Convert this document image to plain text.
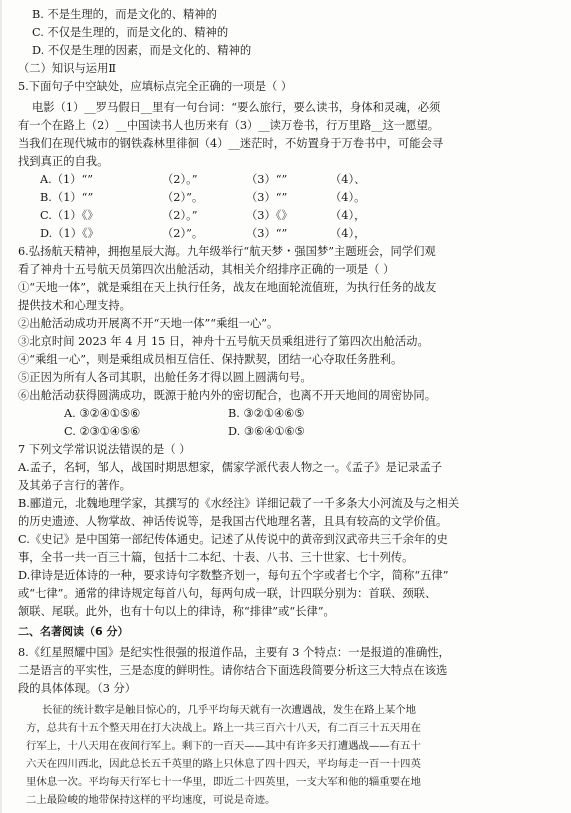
B. 不是生理的，而是文化的、精神的
C. 不仅是生理的，而是文化的、精神的
D. 不仅是生理的因素，而是文化的、精神的
（二）知识与运用Ⅱ
5.下面句子中空缺处，应填标点完全正确的一项是（ ）
电影（1）__罗马假日__里有一句台词：“要么旅行，要么读书，身体和灵魂，必须
有一个在路上（2）__中国读书人也历来有（3）__读万卷书，行万里路__这一愿望。
当我们在现代城市的钢铁森林里徘徊（4）__迷茫时，不妨置身于万卷书中，可能会寻
找到真正的自我。
A.（1）“”	（2）。”	（3）“”	（4）、
B.（1）“”	（2）”。	（3）“”	（4）。
C.（1）《》	（2）。”	（3）《》	（4），
D.（1）《》	（2）”。	（3）“”	（4），
6.弘扬航天精神，拥抱星辰大海。九年级举行“航天梦・强国梦”主题班会，同学们观
看了神舟十五号航天员第四次出舱活动，其相关介绍排序正确的一项是（ ）
①“天地一体”，就是乘组在天上执行任务，战友在地面轮流值班，为执行任务的战友
提供技术和心理支持。
②出舱活动成功开展离不开“天地一体”“乘组一心”。
③北京时间 2023 年 4 月 15 日，神舟十五号航天员乘组进行了第四次出舱活动。
④“乘组一心”，则是乘组成员相互信任、保持默契，团结一心夺取任务胜利。
⑤正因为所有人各司其职，出舱任务才得以圆上圆满句号。
⑥出舱活动获得圆满成功，既源于舱内外的密切配合，也离不开天地间的周密协同。
A. ③②④①⑤⑥	B. ③②①④⑥⑤
C. ②③①④⑤⑥	D. ③⑥④①⑥⑤
7 下列文学常识说法错误的是（ ）
A.孟子，名轲，邹人，战国时期思想家，儒家学派代表人物之一。《孟子》是记录孟子
及其弟子言行的著作。
B.郦道元，北魏地理学家，其撰写的《水经注》详细记载了一千多条大小河流及与之相关
的历史遗迹、人物掌故、神话传说等，是我国古代地理名著，且具有较高的文学价值。
C.《史记》是中国第一部纪传体通史。记述了从传说中的黄帝到汉武帝共三千余年的史
事，全书一共一百三十篇，包括十二本纪、十表、八书、三十世家、七十列传。
D.律诗是近体诗的一种，要求诗句字数整齐划一，每句五个字或者七个字，简称“五律”
或“七律”。通常的律诗规定每首八句，每两句成一联，计四联分别为：首联、颈联、
颔联、尾联。此外，也有十句以上的律诗，称“排律”或“长律”。
二、名著阅读（6 分）
8.《红星照耀中国》是纪实性很强的报道作品，主要有 3 个特点：一是报道的准确性，
二是语言的平实性，三是态度的鲜明性。请你结合下面选段简要分析这三大特点在该选
段的具体体现。（3 分）
长征的统计数字是触目惊心的，几乎平均每天就有一次遭遇战，发生在路上某个地
方，总共有十五个整天用在打大决战上。路上一共三百六十八天，有二百三十五天用在
行军上，十八天用在夜间行军上。剩下的一百天——其中有许多天打遭遇战——有五十
六天在四川西北，因此总长五千英里的路上只休息了四十四天，平均每走一百一十四英
里休息一次。平均每天行军七十一华里，即近二十四英里，一支大军和他的辎重要在地
二上最险峻的地带保持这样的平均速度，可说是奇迹。
